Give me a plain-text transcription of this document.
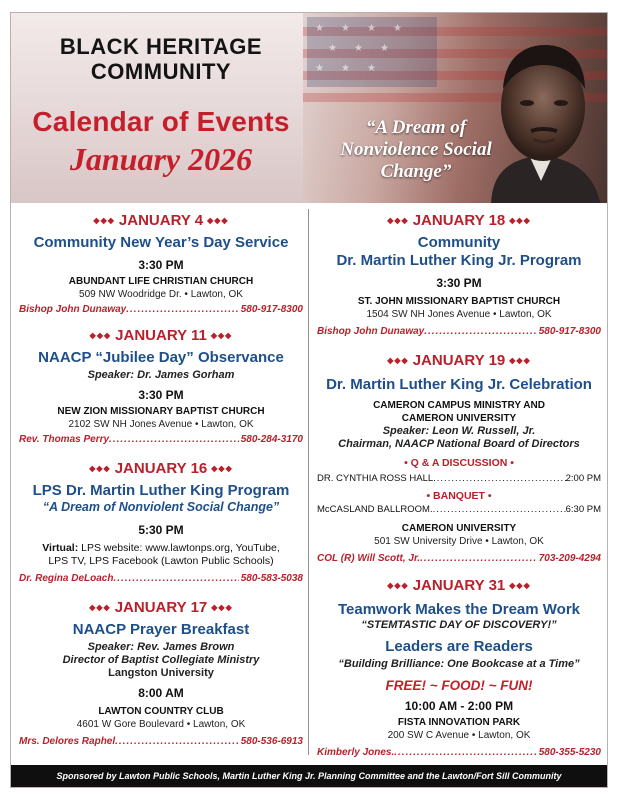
BLACK HERITAGE
COMMUNITY
Calendar of Events
January 2026
★ ★ ★ ★
★ ★ ★
★ ★ ★
“A Dream of Nonviolence Social Change”
◆◆◆ JANUARY 4 ◆◆◆
Community New Year’s Day Service
3:30 PM
ABUNDANT LIFE CHRISTIAN CHURCH
509 NW Woodridge Dr. • Lawton, OK
Bishop John Dunaway .....	580-917-8300
◆◆◆ JANUARY 11 ◆◆◆
NAACP “Jubilee Day” Observance
Speaker: Dr. James Gorham
3:30 PM
NEW ZION MISSIONARY BAPTIST CHURCH
2102 SW NH Jones Avenue • Lawton, OK
Rev. Thomas Perry .....	580-284-3170
◆◆◆ JANUARY 16 ◆◆◆
LPS Dr. Martin Luther King Program
“A Dream of Nonviolent Social Change”
5:30 PM
Virtual: LPS website: www.lawtonps.org, YouTube,
LPS TV, LPS Facebook (Lawton Public Schools)
Dr. Regina DeLoach .....	580-583-5038
◆◆◆ JANUARY 17 ◆◆◆
NAACP Prayer Breakfast
Speaker: Rev. James Brown
Director of Baptist Collegiate Ministry
Langston University
8:00 AM
LAWTON COUNTRY CLUB
4601 W Gore Boulevard • Lawton, OK
Mrs. Delores Raphel .....	580-536-6913
◆◆◆ JANUARY 18 ◆◆◆
Community
Dr. Martin Luther King Jr. Program
3:30 PM
ST. JOHN MISSIONARY BAPTIST CHURCH
1504 SW NH Jones Avenue • Lawton, OK
Bishop John Dunaway .....	580-917-8300
◆◆◆ JANUARY 19 ◆◆◆
Dr. Martin Luther King Jr. Celebration
CAMERON CAMPUS MINISTRY AND
CAMERON UNIVERSITY
Speaker: Leon W. Russell, Jr.
Chairman, NAACP National Board of Directors
• Q & A DISCUSSION •
DR. CYNTHIA ROSS HALL .....	2:00 PM
• BANQUET •
McCASLAND BALLROOM. .....	6:30 PM
CAMERON UNIVERSITY
501 SW University Drive • Lawton, OK
COL (R) Will Scott, Jr. .....	703-209-4294
◆◆◆ JANUARY 31 ◆◆◆
Teamwork Makes the Dream Work
“STEMTASTIC DAY OF DISCOVERY!”
Leaders are Readers
“Building Brilliance: One Bookcase at a Time”
FREE! ~ FOOD! ~ FUN!
10:00 AM - 2:00 PM
FISTA INNOVATION PARK
200 SW C Avenue • Lawton, OK
Kimberly Jones. .....	580-355-5230
Sponsored by Lawton Public Schools, Martin Luther King Jr. Planning Committee and the Lawton/Fort Sill Community
